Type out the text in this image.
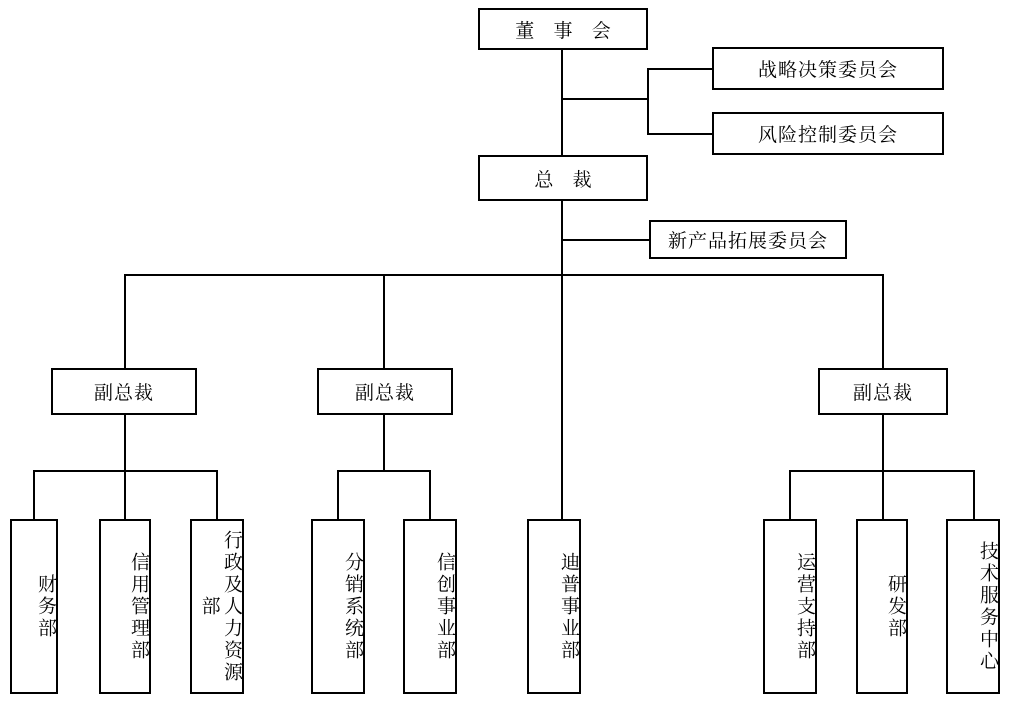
董 事 会
战略决策委员会
风险控制委员会
总 裁
新产品拓展委员会
副总裁	副总裁	副总裁
财务部	信用管理部	行政及人力资源部	分销系统部	信创事业部	迪普事业部	运营支持部	研发部	技术服务中心
